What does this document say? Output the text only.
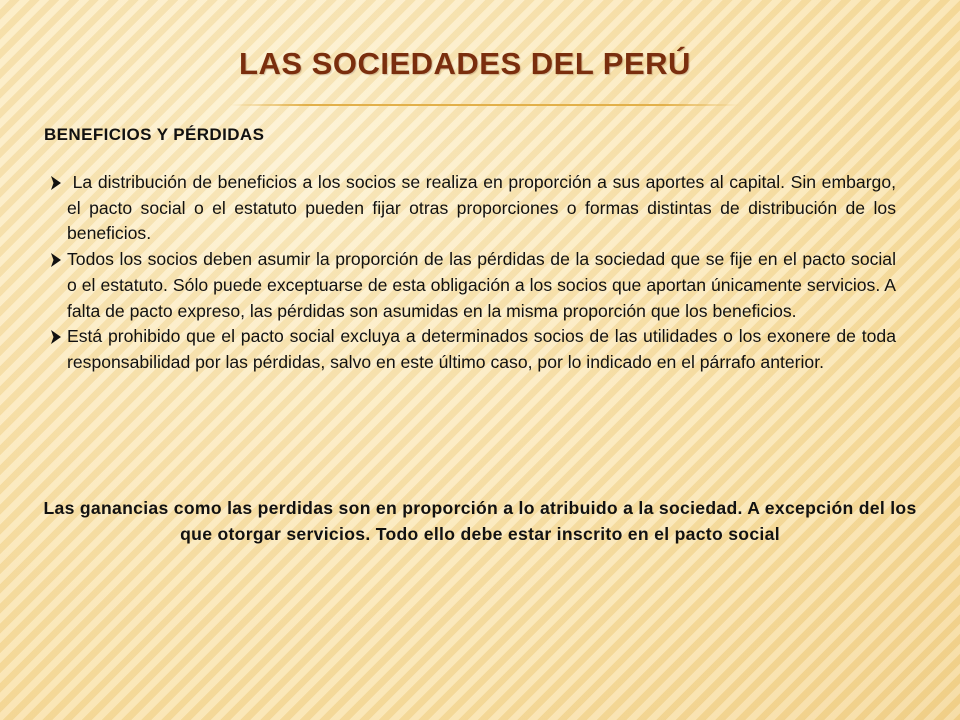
LAS SOCIEDADES DEL PERÚ
BENEFICIOS Y PÉRDIDAS
La distribución de beneficios a los socios se realiza en proporción a sus aportes al capital. Sin embargo, el pacto social o el estatuto pueden fijar otras proporciones o formas distintas de distribución de los beneficios.
Todos los socios deben asumir la proporción de las pérdidas de la sociedad que se fije en el pacto social o el estatuto. Sólo puede exceptuarse de esta obligación a los socios que aportan únicamente servicios. A falta de pacto expreso, las pérdidas son asumidas en la misma proporción que los beneficios.
Está prohibido que el pacto social excluya a determinados socios de las utilidades o los exonere de toda responsabilidad por las pérdidas, salvo en este último caso, por lo indicado en el párrafo anterior.

Las ganancias como las perdidas son en proporción a lo atribuido a la sociedad. A excepción del los que otorgar servicios. Todo ello debe estar inscrito en el pacto social
